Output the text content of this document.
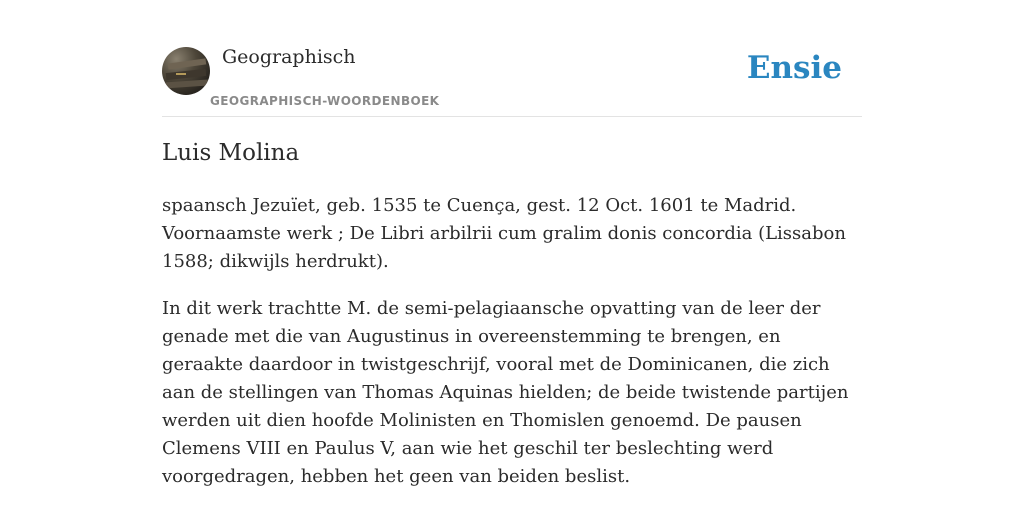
Geographisch
GEOGRAPHISCH-WOORDENBOEK
Ensie
Luis Molina

spaansch Jezuïet, geb. 1535 te Cuença, gest. 12 Oct. 1601 te Madrid. Voornaamste werk ; De Libri arbilrii cum gralim donis concordia (Lissabon 1588; dikwijls herdrukt).

In dit werk trachtte M. de semi-pelagiaansche opvatting van de leer der genade met die van Augustinus in overeenstemming te brengen, en geraakte daardoor in twistgeschrijf, vooral met de Dominicanen, die zich aan de stellingen van Thomas Aquinas hielden; de beide twistende partijen werden uit dien hoofde Molinisten en Thomislen genoemd. De pausen Clemens VIII en Paulus V, aan wie het geschil ter beslechting werd voorgedragen, hebben het geen van beiden beslist.
